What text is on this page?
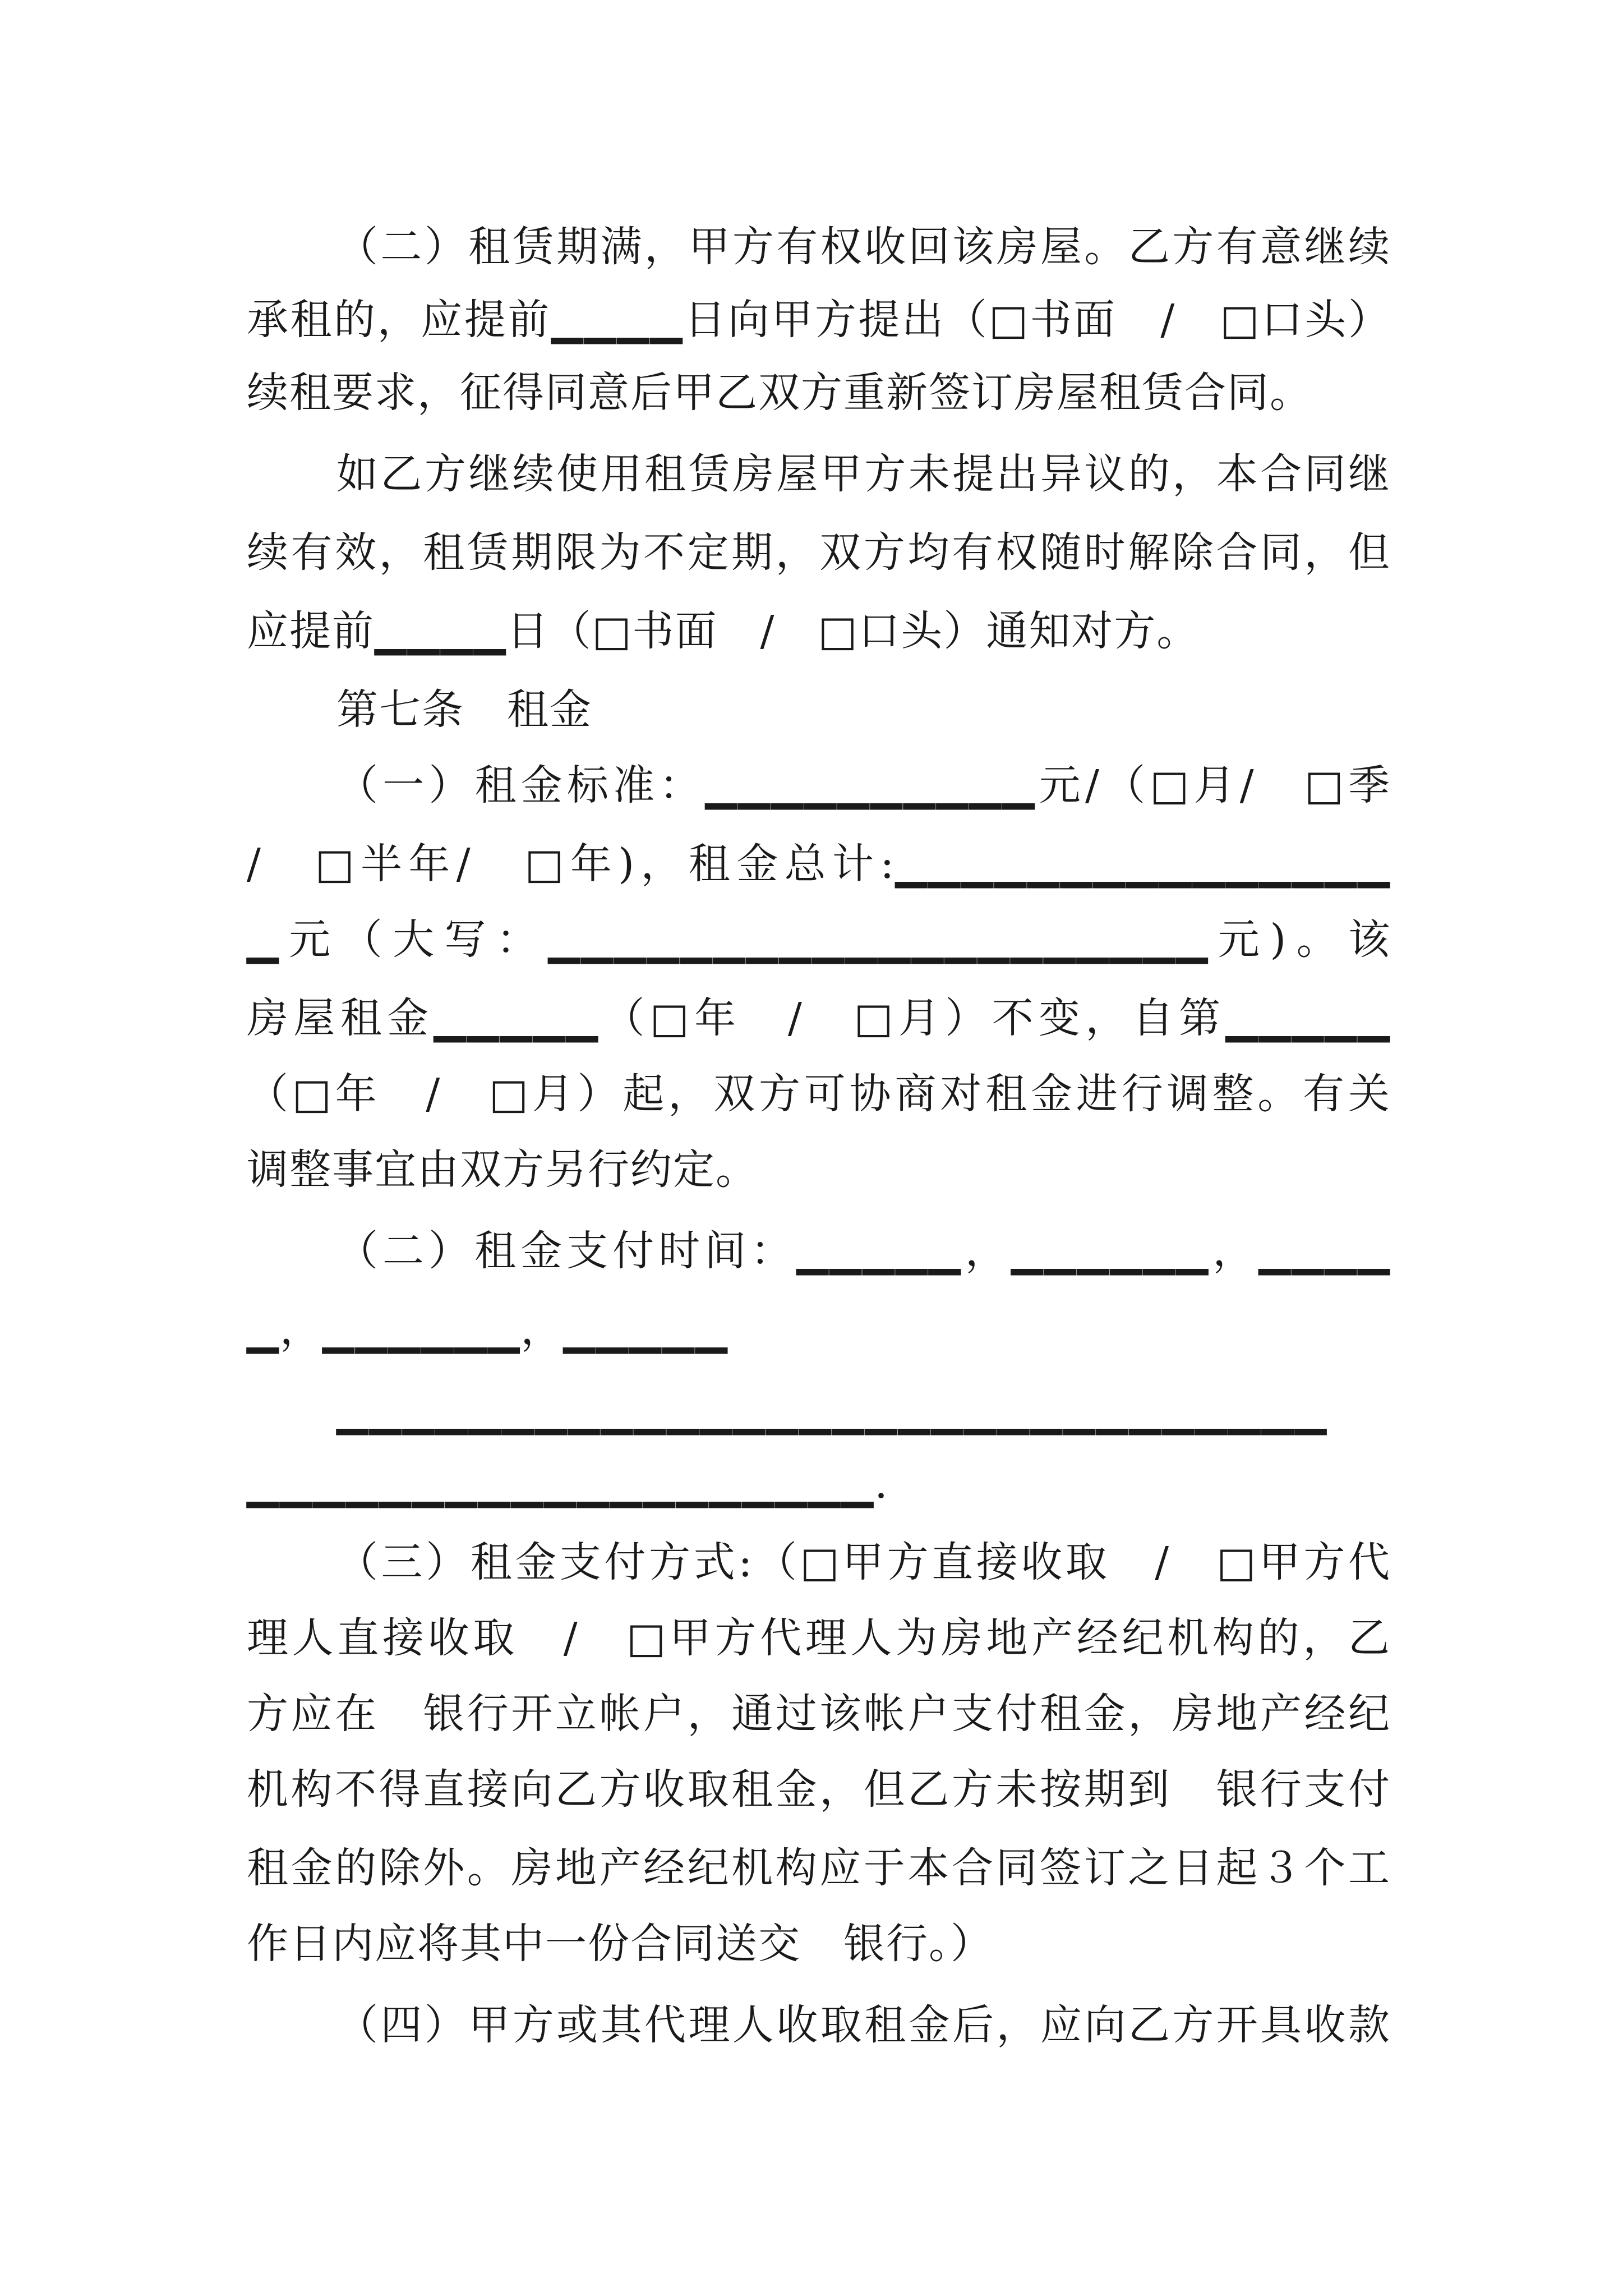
（二）租赁期满，甲方有权收回该房屋。乙方有意继续
承租的，应提前▁▁▁▁日向甲方提出（□书面　/　□口头）
续租要求，征得同意后甲乙双方重新签订房屋租赁合同。
如乙方继续使用租赁房屋甲方未提出异议的，本合同继
续有效，租赁期限为不定期，双方均有权随时解除合同，但
应提前▁▁▁▁日（□书面　/　□口头）通知对方。
第七条　租金
（一）租金标准：▁▁▁▁▁▁▁▁▁▁元/（□月/　□季
/　□半年/　□年)，租金总计:▁▁▁▁▁▁▁▁▁▁▁▁▁▁▁
▁元（大写：▁▁▁▁▁▁▁▁▁▁▁▁▁▁▁▁▁▁▁▁元)。该
房屋租金▁▁▁▁▁（□年　/　□月）不变，自第▁▁▁▁▁
（□年　/　□月）起，双方可协商对租金进行调整。有关
调整事宜由双方另行约定。
（二）租金支付时间：▁▁▁▁▁，▁▁▁▁▁▁，▁▁▁▁
▁，▁▁▁▁▁▁，▁▁▁▁▁
▁▁▁▁▁▁▁▁▁▁▁▁▁▁▁▁▁▁▁▁▁▁▁▁▁▁▁▁▁▁
▁▁▁▁▁▁▁▁▁▁▁▁▁▁▁▁▁▁▁.
（三）租金支付方式:（□甲方直接收取　/　□甲方代
理人直接收取　/　□甲方代理人为房地产经纪机构的，乙
方应在　银行开立帐户，通过该帐户支付租金，房地产经纪
机构不得直接向乙方收取租金，但乙方未按期到　银行支付
租金的除外。房地产经纪机构应于本合同签订之日起３个工
作日内应将其中一份合同送交　银行。）
（四）甲方或其代理人收取租金后，应向乙方开具收款
